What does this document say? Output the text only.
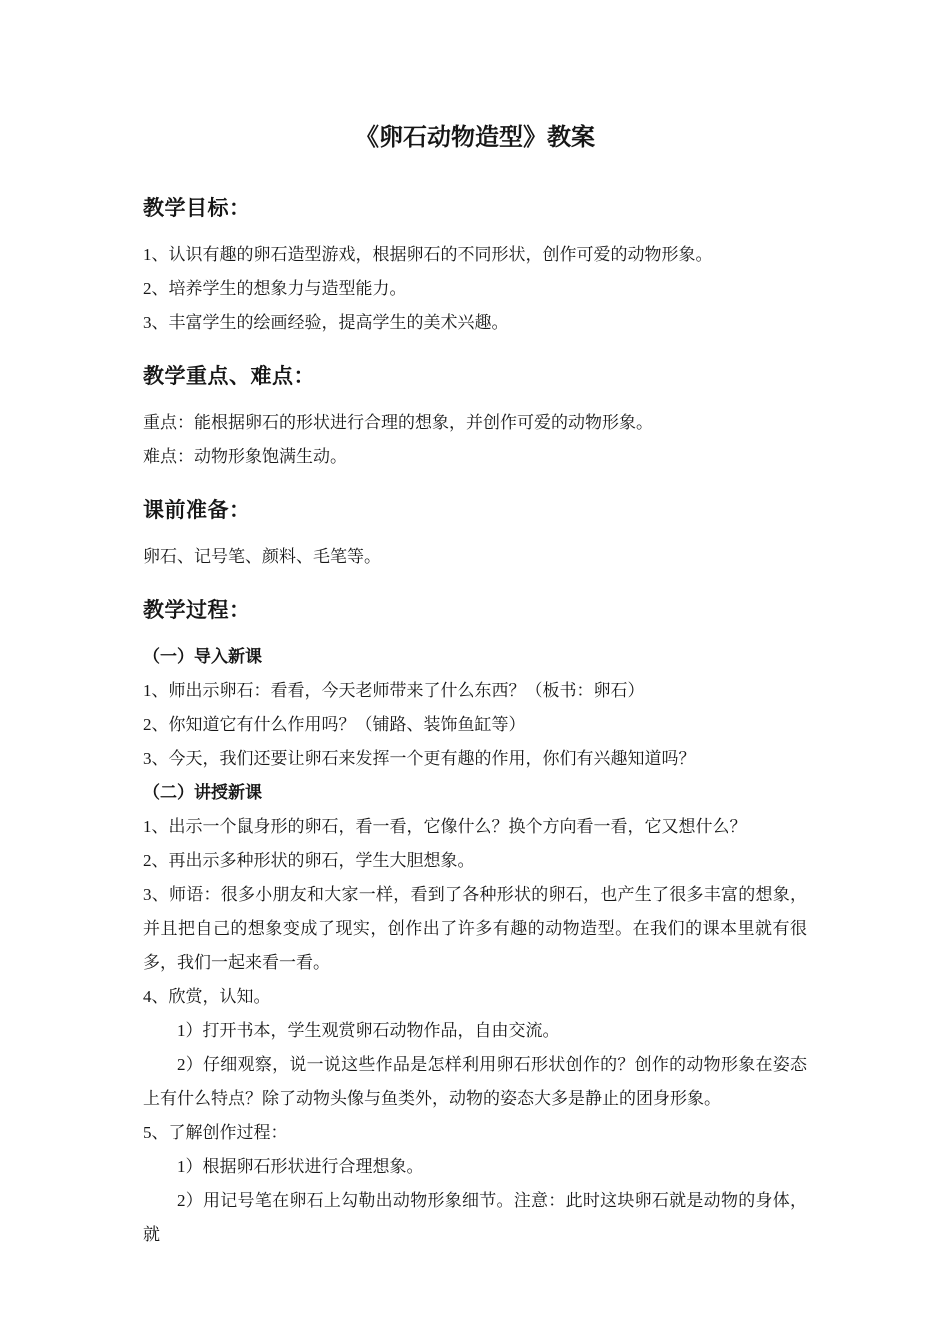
《卵石动物造型》教案
教学目标：

1、认识有趣的卵石造型游戏，根据卵石的不同形状，创作可爱的动物形象。

2、培养学生的想象力与造型能力。

3、丰富学生的绘画经验，提高学生的美术兴趣。

教学重点、难点：

重点：能根据卵石的形状进行合理的想象，并创作可爱的动物形象。

难点：动物形象饱满生动。

课前准备：

卵石、记号笔、颜料、毛笔等。

教学过程：

（一）导入新课

1、师出示卵石：看看，今天老师带来了什么东西？（板书：卵石）

2、你知道它有什么作用吗？（铺路、装饰鱼缸等）

3、今天，我们还要让卵石来发挥一个更有趣的作用，你们有兴趣知道吗？

（二）讲授新课

1、出示一个鼠身形的卵石，看一看，它像什么？换个方向看一看，它又想什么？

2、再出示多种形状的卵石，学生大胆想象。

3、师语：很多小朋友和大家一样，看到了各种形状的卵石，也产生了很多丰富的想象，并且把自己的想象变成了现实，创作出了许多有趣的动物造型。在我们的课本里就有很多，我们一起来看一看。

4、欣赏，认知。

1）打开书本，学生观赏卵石动物作品，自由交流。

2）仔细观察，说一说这些作品是怎样利用卵石形状创作的？创作的动物形象在姿态上有什么特点？除了动物头像与鱼类外，动物的姿态大多是静止的团身形象。

5、了解创作过程：

1）根据卵石形状进行合理想象。

2）用记号笔在卵石上勾勒出动物形象细节。注意：此时这块卵石就是动物的身体，就
